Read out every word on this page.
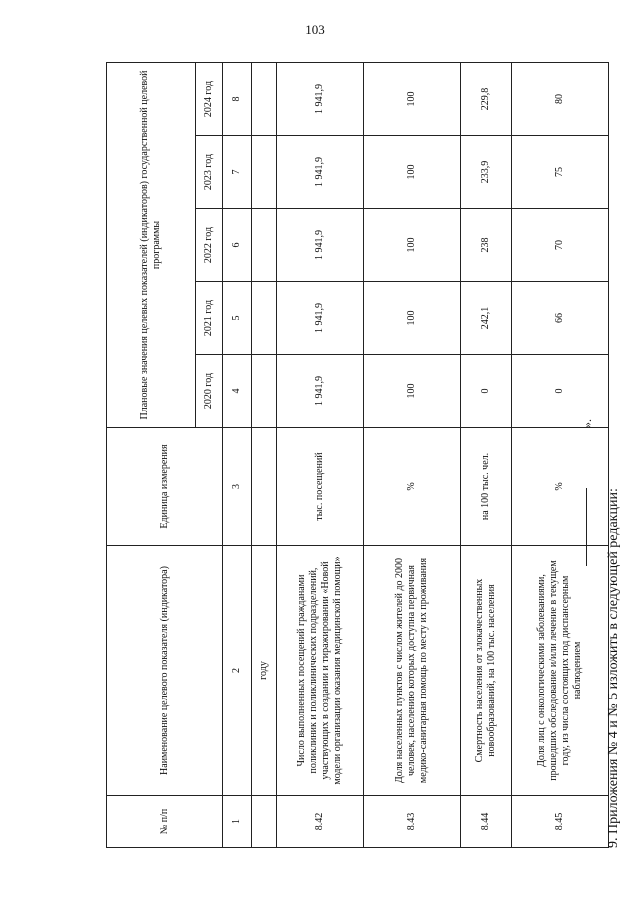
103
№ п/п	Наименование целевого показателя (индикатора)	Единица измерения	Плановые значения целевых показателей (индикаторов) государственной целевой программы				
			2020 год	2021 год	2022 год	2023 год	2024 год
1	2	3	4	5	6	7	8
	году						
8.42	Число выполненных посещений гражданами поликлиник и поликлинических подразделений, участвующих в создании и тиражировании «Новой модели организации оказания медицинской помощи»	тыс. посещений	1 941,9	1 941,9	1 941,9	1 941,9	1 941,9
8.43	Доля населенных пунктов с числом жителей до 2000 человек, населению которых доступна первичная медико-санитарная помощь по месту их проживания	%	100	100	100	100	100
8.44	Смертность населения от злокачественных новообразований, на 100 тыс. населения	на 100 тыс. чел.	0	242,1	238	233,9	229,8
8.45	Доля лиц с онкологическими заболеваниями, прошедших обследование и/или лечение в текущем году, из числа состоящих под диспансерным наблюдением	%	0	66	70	75	80
».
9. Приложения № 4 и № 5 изложить в следующей редакции:
